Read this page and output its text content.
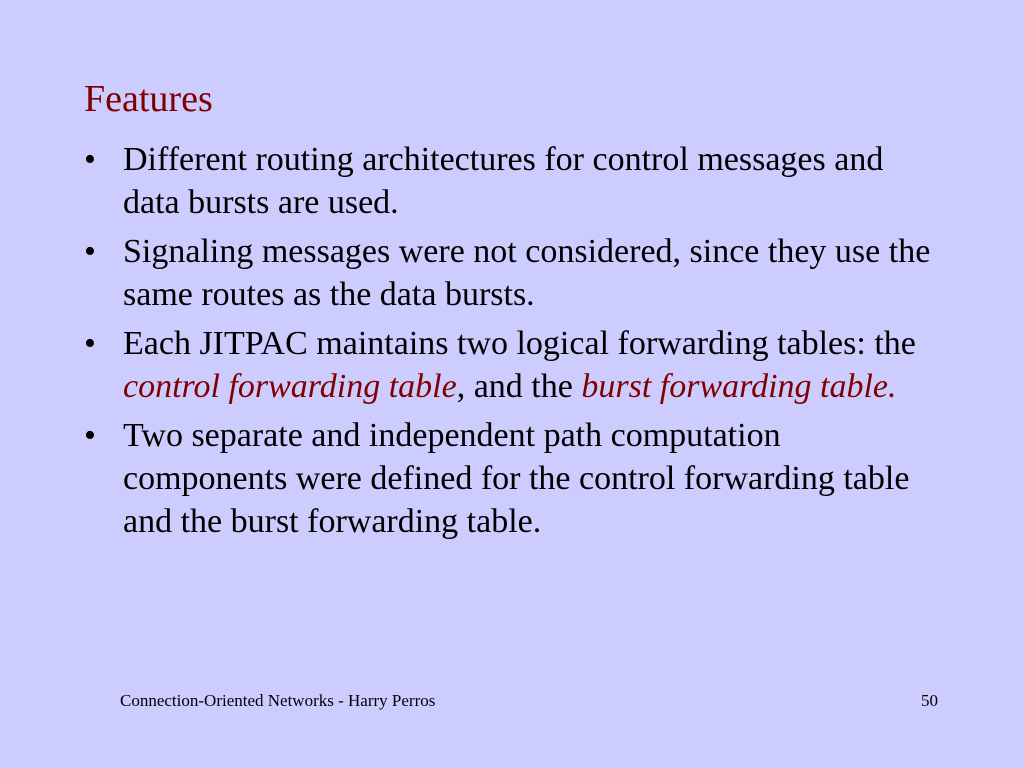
Features
• Different routing architectures for control messages and data bursts are used.
• Signaling messages were not considered, since they use the same routes as the data bursts.
• Each JITPAC maintains two logical forwarding tables: the control forwarding table, and the burst forwarding table.
• Two separate and independent path computation components were defined for the control forwarding table and the burst forwarding table.
Connection-Oriented Networks - Harry Perros	50
